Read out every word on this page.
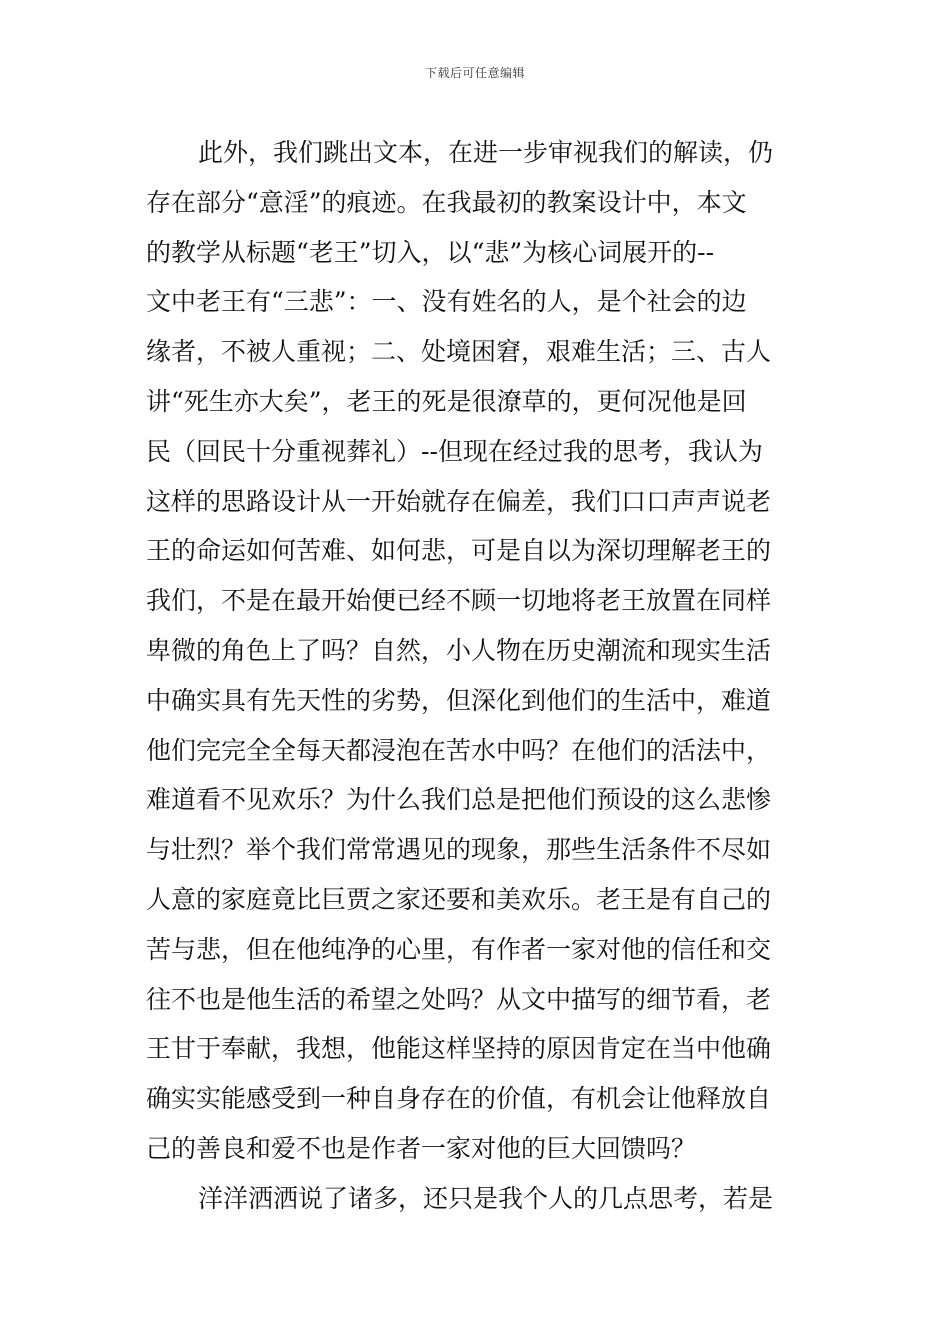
下载后可任意编辑
此外，我们跳出文本，在进一步审视我们的解读，仍
存在部分“意淫”的痕迹。在我最初的教案设计中，本文
的教学从标题“老王”切入，以“悲”为核心词展开的--
文中老王有“三悲”：一、没有姓名的人，是个社会的边
缘者，不被人重视；二、处境困窘，艰难生活；三、古人
讲“死生亦大矣”，老王的死是很潦草的，更何况他是回
民（回民十分重视葬礼）--但现在经过我的思考，我认为
这样的思路设计从一开始就存在偏差，我们口口声声说老
王的命运如何苦难、如何悲，可是自以为深切理解老王的
我们，不是在最开始便已经不顾一切地将老王放置在同样
卑微的角色上了吗？自然，小人物在历史潮流和现实生活
中确实具有先天性的劣势，但深化到他们的生活中，难道
他们完完全全每天都浸泡在苦水中吗？在他们的活法中，
难道看不见欢乐？为什么我们总是把他们预设的这么悲惨
与壮烈？举个我们常常遇见的现象，那些生活条件不尽如
人意的家庭竟比巨贾之家还要和美欢乐。老王是有自己的
苦与悲，但在他纯净的心里，有作者一家对他的信任和交
往不也是他生活的希望之处吗？从文中描写的细节看，老
王甘于奉献，我想，他能这样坚持的原因肯定在当中他确
确实实能感受到一种自身存在的价值，有机会让他释放自
己的善良和爱不也是作者一家对他的巨大回馈吗？
洋洋洒洒说了诸多，还只是我个人的几点思考，若是
